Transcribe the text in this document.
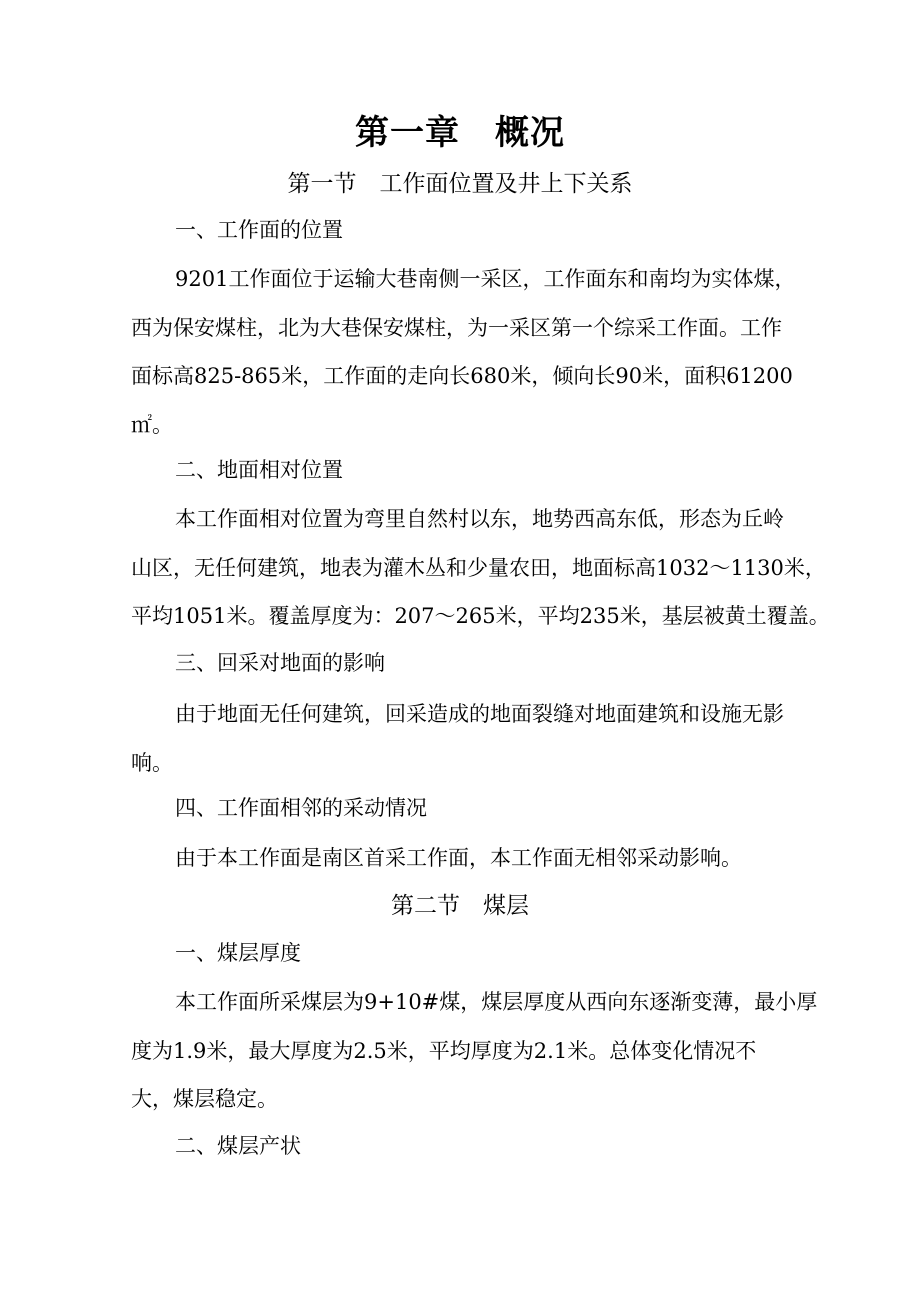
第一章　概况
第一节　工作面位置及井上下关系
一、工作面的位置
9201工作面位于运输大巷南侧一采区，工作面东和南均为实体煤，
西为保安煤柱，北为大巷保安煤柱，为一采区第一个综采工作面。工作
面标高825-865米，工作面的走向长680米，倾向长90米，面积61200
㎡。
二、地面相对位置
本工作面相对位置为弯里自然村以东，地势西高东低，形态为丘岭
山区，无任何建筑，地表为灌木丛和少量农田，地面标高1032～1130米，
平均1051米。覆盖厚度为：207～265米，平均235米，基层被黄土覆盖。
三、回采对地面的影响
由于地面无任何建筑，回采造成的地面裂缝对地面建筑和设施无影
响。
四、工作面相邻的采动情况
由于本工作面是南区首采工作面，本工作面无相邻采动影响。
第二节　煤层
一、煤层厚度
本工作面所采煤层为9+10#煤，煤层厚度从西向东逐渐变薄，最小厚
度为1.9米，最大厚度为2.5米，平均厚度为2.1米。总体变化情况不
大，煤层稳定。
二、煤层产状
